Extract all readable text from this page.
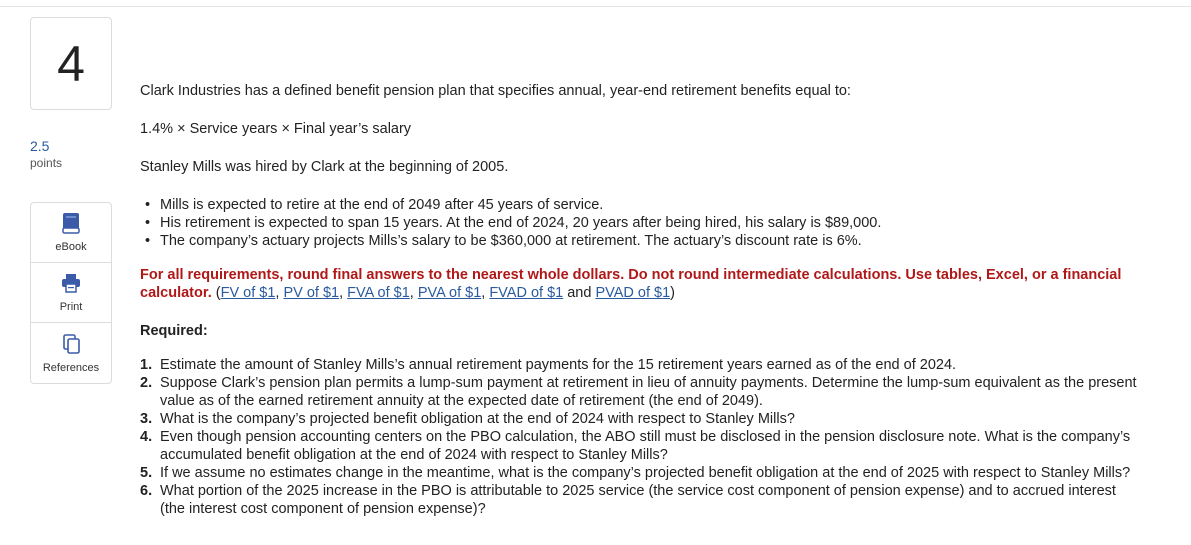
4
2.5
points
eBook
Print
References

Clark Industries has a defined benefit pension plan that specifies annual, year-end retirement benefits equal to:

1.4% × Service years × Final year’s salary

Stanley Mills was hired by Clark at the beginning of 2005.

• Mills is expected to retire at the end of 2049 after 45 years of service.
• His retirement is expected to span 15 years. At the end of 2024, 20 years after being hired, his salary is $89,000.
• The company’s actuary projects Mills’s salary to be $360,000 at retirement. The actuary’s discount rate is 6%.

For all requirements, round final answers to the nearest whole dollars. Do not round intermediate calculations. Use tables, Excel, or a financial calculator. (FV of $1, PV of $1, FVA of $1, PVA of $1, FVAD of $1 and PVAD of $1)

Required:

1. Estimate the amount of Stanley Mills’s annual retirement payments for the 15 retirement years earned as of the end of 2024.
2. Suppose Clark’s pension plan permits a lump-sum payment at retirement in lieu of annuity payments. Determine the lump-sum equivalent as the present value as of the earned retirement annuity at the expected date of retirement (the end of 2049).
3. What is the company’s projected benefit obligation at the end of 2024 with respect to Stanley Mills?
4. Even though pension accounting centers on the PBO calculation, the ABO still must be disclosed in the pension disclosure note. What is the company’s accumulated benefit obligation at the end of 2024 with respect to Stanley Mills?
5. If we assume no estimates change in the meantime, what is the company’s projected benefit obligation at the end of 2025 with respect to Stanley Mills?
6. What portion of the 2025 increase in the PBO is attributable to 2025 service (the service cost component of pension expense) and to accrued interest (the interest cost component of pension expense)?
